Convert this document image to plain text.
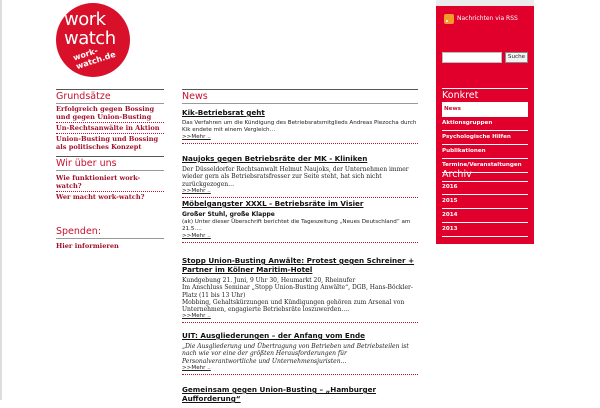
work
watch
work-watch.de
Grundsätze
Erfolgreich gegen Bossing und gegen Union-Busting
Un-Rechtsanwälte in Aktion
Union-Busting und Bossing als politisches Konzept
Wir über uns
Wie funktioniert work-watch?
Wer macht work-watch?
Spenden:
Hier informieren
News
Kik-Betriebsrat geht
Das Verfahren um die Kündigung des Betriebsratsmitglieds Andreas Piezocha durch Kik endete mit einem Vergleich…
>>Mehr ..
Naujoks gegen Betriebsräte der MK - Kliniken
Der Düsseldorfer Rechtsanwalt Helmut Naujoks, der Unternehmen immer wieder gern als Betriebsratsfresser zur Seite steht, hat sich nicht zurückgezogen…
>>Mehr ..
Möbelgangster XXXL - Betriebsräte im Visier
Großer Stuhl, große Klappe
(ak) Unter dieser Überschrift berichtet die Tageszeitung „Neues Deutschland“ am 21.5….
>>Mehr ..
Stopp Union-Busting Anwälte: Protest gegen Schreiner + Partner im Kölner Maritim-Hotel
Kundgebung 21. Juni, 9 Uhr 30, Heumarkt 20, Rheinufer
Im Anschluss Seminar „Stopp Union-Busting Anwälte“, DGB, Hans-Böckler-Platz (11 bis 13 Uhr)
Mobbing, Gehaltskürzungen und Kündigungen gehören zum Arsenal von Unternehmen, engagierte Betriebsräte loszuwerden….
>>Mehr ..
UIT: Ausgliederungen – der Anfang vom Ende
„Die Ausgliederung und Übertragung von Betrieben und Betriebsteilen ist nach wie vor eine der größten Herausforderungen für Personalverantwortliche und Unternehmensjuristen…
>>Mehr ..
Gemeinsam gegen Union-Busting – „Hamburger Aufforderung“
Nachrichten via RSS
Suche
Konkret
News
Aktionsgruppen
Psychologische Hilfen
Publikationen
Termine/Veranstaltungen
Archiv
2016
2015
2014
2013
